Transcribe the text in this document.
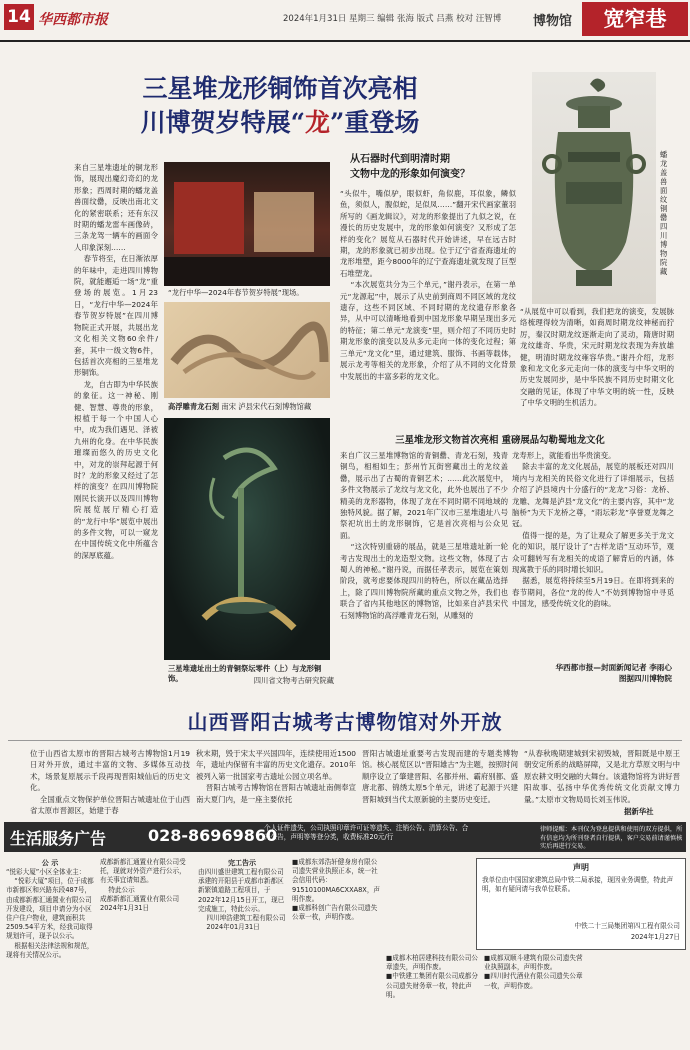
14 华西都市报	2024年1月31日 星期三 编辑 张海 版式 吕燕 校对 汪智博 博物馆	宽窄巷
三星堆龙形铜饰首次亮相
川博贺岁特展“龙”重登场
蟠龙盖兽面纹铜罍 四川博物院藏
来自三星堆遗址的铜龙形饰，展现出魔幻奇幻的龙形象；西周时期的蟠龙盖兽面纹罍，反映出南北文化的紧密联系；还有东汉时期的蟠龙雷车画像砖，三条龙驾一辆车的画面令人印象深刻……
春节将至，在日渐浓厚的年味中，走进四川博物院，就能邂逅一场“龙”重登场的展览。1月23日，“龙行中华—2024年春节贺岁特展”在四川博物院正式开展，共展出龙文化相关文物60余件/套，其中一级文物6件，包括首次亮相的三星堆龙形铜饰。
龙，自古即为中华民族的象征。这一神秘、刚健、智慧、尊贵的形象，根植于每一个中国人心中，成为我们遇见、泽被九州的化身。在中华民族璀璨而悠久的历史文化中，对龙的崇拜起源于何时？龙的形象又经过了怎样的演变？在四川博物院刚民长演开以及四川博物院展览展厅精心打造的“龙行中华”展览中展出的多件文物，可以一窥龙在中国传统文化中所蕴含的深厚底蕴。
“龙行中华—2024年春节贺岁特展”现场。
高浮雕青龙石刻 南宋 泸县宋代石刻博物馆藏
三星堆遗址出土的青铜祭坛零件（上）与龙形铜饰。	四川省文物考古研究院藏
从石器时代到明清时期
文物中龙的形象如何演变？
“头似牛，嘴似驴，眼似虾，角似鹿，耳似象，鳞似鱼，须似人，腹似蛇，足似凤……”翻开宋代画家董羽所写的《画龙辑议》，对龙的形象提出了九似之说，在漫长的历史发展中，龙的形象如何演变？又形成了怎样的变化？展览从石器时代开始讲述，早在远古时期，龙的形象就已初步出现。位于辽宁省查海遗址的龙形堆塑，距今8000年的辽宁查海遗址就发现了巨型石堆塑龙。
“本次展览共分为三个单元，”谢丹表示，在第一单元“龙源起”中，展示了从史前到商周不同区域的龙纹遗存，这些不同区域、不同时期的龙纹遗存形象各异，从中可以清晰地看到中国龙形象早期呈现出多元的特征；第二单元“龙演变”里，则介绍了不同历史时期龙形象的演变以及从多元走向一体的变化过程；第三单元“龙文化”里，通过建筑、服饰、书画等载体，展示龙考等相关的龙形象，介绍了从不同的文化背景中发展出的丰富多彩的龙文化。
“从展览中可以看到，我们把龙的演变，发展脉络梳理得较为清晰，如商周时期龙纹神秘而狞厉，秦汉时期龙纹逐渐走向了灵动，隋唐时期龙纹雄奇、华贵，宋元时期龙纹表现为奔放雄健，明清时期龙纹雍容华贵。”谢丹介绍，龙形象和龙文化多元走向一体的演变与中华文明的历史发展同步，是中华民族不同历史时期文化交融的见证，体现了中华文明的统一性，反映了中华文明的生机活力。
三星堆龙形文物首次亮相 重磅展品勾勒蜀地龙文化
来自广汉三星堆博物馆的青铜罍、青龙石刻，残青铜鸟，相相如生；彭州竹瓦街窖藏出土的龙纹盖罍，展示出了古蜀的青铜艺术；……此次展览中，多件文物展示了龙纹与龙文化，此外也展出了不少精美的龙形器物，体现了龙在不同时期不同地域的独特风貌。据了解，2021年广汉市三星堆遗址八号祭祀坑出土的龙形铜饰，它是首次亮相与公众见面。
“这次特别重磅的展品，就是三星堆遗址新一轮考古发现出土的龙造型文物。这些文物，体现了古蜀人的神秘。”谢丹说，而据任孝表示，展览在策划阶段，就考虑要体现四川的特色，所以在藏品选择上，除了四川博物院所藏的重点文物之外，我们也联合了省内其他地区的博物馆，比如来自泸县宋代石刻博物馆的高浮雕青龙石刻，从雕刻的
龙寿形上，就能看出华贵演变。
除去丰富的龙文化展品，展览的展板还对四川境内与龙相关的民俗文化进行了详细展示，包括介绍了泸县境内十分盛行的“龙龙”习俗：龙桥、龙雕、龙舞是泸县“龙文化”的主要内容，其中“龙脑桥”为天下龙桥之尊，“雨坛彩龙”享誉夏龙舞之冠。
值得一提的是，为了让观众了解更多关于龙文化的知识，展厅设计了“古样龙语”互动环节，观众可翻转写有龙相关的成语了解背后的内涵，体现寓教于乐的同时增长知识。
据悉，展览将持续至5月19日。在即将到来的春节期间，各位“龙的传人”不妨到博物馆中寻觅中国龙，感受传统文化的韵味。
华西都市报—封面新闻记者 李雨心
图据四川博物院
山西晋阳古城考古博物馆对外开放
位于山西省太原市的晋阳古城考古博物馆1月19日对外开放，通过丰富的文物、多媒体互动技术，场景复原展示千段再现晋阳城仙后的历史文化。
全国重点文物保护单位晋阳古城遗址位于山西省太原市晋源区，始建于春
秋末期，毁于宋太平兴国四年，连续使用近1500年，遗址内保留有丰富的历史文化遗存。2010年被列入第一批国家考古遗址公园立项名单。
晋阳古城考古博物馆在晋阳古城遗址南侧奉宣南大夏门内，是一座主要依托
晋阳古城遗址重要考古发现而建的专题类博物馆。核心展览区以“晋阳雄古”为主题，按照时间顺序设立了肇建晋阳、名都并州、霸府别都、盛唐北都、锦绣太原5个单元，讲述了起源于兴建晋阳城到当代太原新貌的主要历史变迁。
“从春秋晚期建城到宋初毁城，晋阳既是中原王朝安定所系的战略屏障，又是北方草原文明与中原农耕文明交融的大舞台。该遗物馆将为讲好晋阳故事、弘扬中华优秀传统文化贡献文博力量。”太原市文物局局长刘玉伟说。
据新华社
生活服务广告	028-86969860
个人证件遗失，公司执照印章许可证等遗失、注销公告、清算公告、合
并公告，声明等等登分类，收费标准20元/行
律师提醒：本刊仅为登息提供和使用的双方提供，所有信息均为所刊登者自行提供，客户交易前请谨慎核实后再进行交易。
公 示
“悦彩大厦”小区全体业主：
“悦彩大厦”项目，位于成都市新都区和兴路东段487号，由成都新都汇通置业有限公司开发建设，项目申请分为小区住户住户物业，建筑面积共2509.54平方米，经我司取得规划许可，现予以公示。
根据相关法律法规和规范，现将有关情况公示。
成都新都汇通置业有限公司受托，现就对外资产进行公示，有关事宜请知悉。
特此公示
成都新都汇通置业有限公司
2024年1月31日
完工告示
由四川盛世建筑工程有限公司承建的开阳县于成都市新都区新繁镇道路工程项目，于2022年12月15日开工，现已完成施工，特此公示。
四川坤浩建筑工程有限公司
2024年01月31日
■成都东郊浩轩健身房有限公司遗失营业执照正本，统一社会信用代码：91510100MA6CXXA8X，声明作废。
■成都科创广告有限公司遗失公章一枚，声明作废。
声明
我单位由中国国家建筑总局中铁二局承接，现因业务调整，特此声明，如有疑问请与我单位联系。
中铁二十三局集团第四工程有限公司
2024年1月27日
■成都木柏居建科技有限公司公章遗失，声明作废。
■中铁建工集团有限公司成都分公司遗失财务章一枚，特此声明。
■成都双顺斗建筑有限公司遗失营业执照副本，声明作废。
■四川时代酒业有限公司遗失公章一枚，声明作废。
